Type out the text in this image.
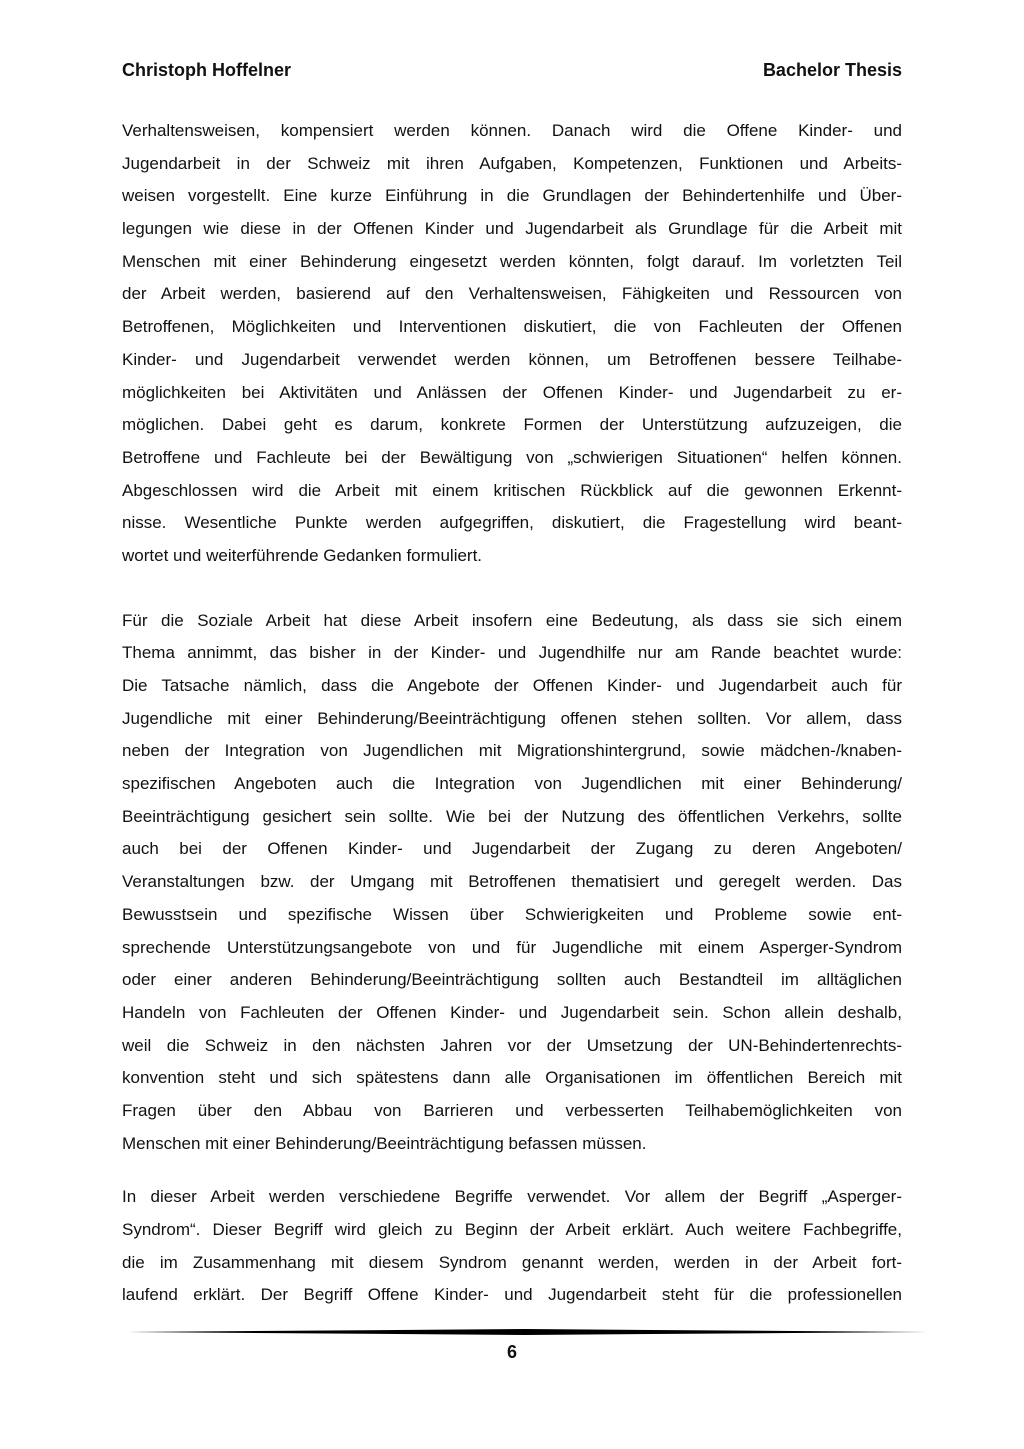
Christoph Hoffelner	Bachelor Thesis
Verhaltensweisen, kompensiert werden können. Danach wird die Offene Kinder- und
Jugendarbeit in der Schweiz mit ihren Aufgaben, Kompetenzen, Funktionen und Arbeits-
weisen vorgestellt. Eine kurze Einführung in die Grundlagen der Behindertenhilfe und Über-
legungen wie diese in der Offenen Kinder und Jugendarbeit als Grundlage für die Arbeit mit
Menschen mit einer Behinderung eingesetzt werden könnten, folgt darauf. Im vorletzten Teil
der Arbeit werden, basierend auf den Verhaltensweisen, Fähigkeiten und Ressourcen von
Betroffenen, Möglichkeiten und Interventionen diskutiert, die von Fachleuten der Offenen
Kinder- und Jugendarbeit verwendet werden können, um Betroffenen bessere Teilhabe-
möglichkeiten bei Aktivitäten und Anlässen der Offenen Kinder- und Jugendarbeit zu er-
möglichen. Dabei geht es darum, konkrete Formen der Unterstützung aufzuzeigen, die
Betroffene und Fachleute bei der Bewältigung von „schwierigen Situationen“ helfen können.
Abgeschlossen wird die Arbeit mit einem kritischen Rückblick auf die gewonnen Erkennt-
nisse. Wesentliche Punkte werden aufgegriffen, diskutiert, die Fragestellung wird beant-
wortet und weiterführende Gedanken formuliert.
Für die Soziale Arbeit hat diese Arbeit insofern eine Bedeutung, als dass sie sich einem
Thema annimmt, das bisher in der Kinder- und Jugendhilfe nur am Rande beachtet wurde:
Die Tatsache nämlich, dass die Angebote der Offenen Kinder- und Jugendarbeit auch für
Jugendliche mit einer Behinderung/Beeinträchtigung offenen stehen sollten. Vor allem, dass
neben der Integration von Jugendlichen mit Migrationshintergrund, sowie mädchen-/knaben-
spezifischen Angeboten auch die Integration von Jugendlichen mit einer Behinderung/
Beeinträchtigung gesichert sein sollte. Wie bei der Nutzung des öffentlichen Verkehrs, sollte
auch bei der Offenen Kinder- und Jugendarbeit der Zugang zu deren Angeboten/
Veranstaltungen bzw. der Umgang mit Betroffenen thematisiert und geregelt werden. Das
Bewusstsein und spezifische Wissen über Schwierigkeiten und Probleme sowie ent-
sprechende Unterstützungsangebote von und für Jugendliche mit einem Asperger-Syndrom
oder einer anderen Behinderung/Beeinträchtigung sollten auch Bestandteil im alltäglichen
Handeln von Fachleuten der Offenen Kinder- und Jugendarbeit sein. Schon allein deshalb,
weil die Schweiz in den nächsten Jahren vor der Umsetzung der UN-Behindertenrechts-
konvention steht und sich spätestens dann alle Organisationen im öffentlichen Bereich mit
Fragen über den Abbau von Barrieren und verbesserten Teilhabemöglichkeiten von
Menschen mit einer Behinderung/Beeinträchtigung befassen müssen.
In dieser Arbeit werden verschiedene Begriffe verwendet. Vor allem der Begriff „Asperger-
Syndrom“. Dieser Begriff wird gleich zu Beginn der Arbeit erklärt. Auch weitere Fachbegriffe,
die im Zusammenhang mit diesem Syndrom genannt werden, werden in der Arbeit fort-
laufend erklärt. Der Begriff Offene Kinder- und Jugendarbeit steht für die professionellen
6
